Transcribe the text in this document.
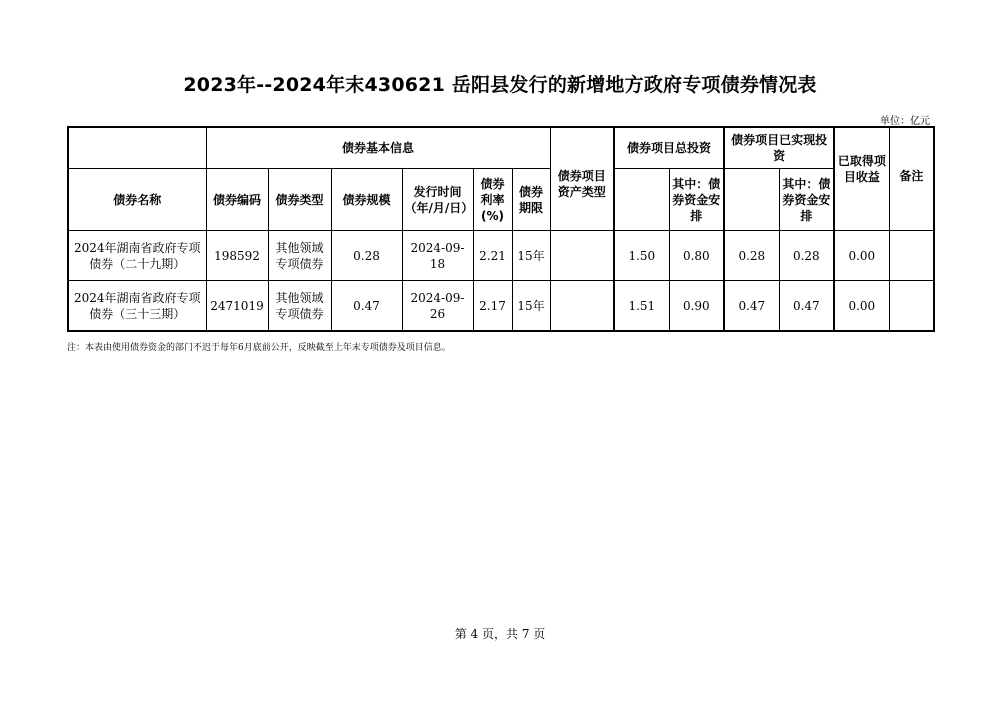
2023年--2024年末430621 岳阳县发行的新增地方政府专项债券情况表
单位：亿元
	债券基本信息						债券项目资产类型	债券项目总投资		债券项目已实现投资		已取得项目收益	备注
债券名称	债券编码	债券类型	债券规模	发行时间（年/月/日）	债券利率(%)	债券期限			其中：债券资金安排		其中：债券资金安排		
2024年湖南省政府专项债券（二十九期）	198592	其他领域专项债券	0.28	2024-09-18	2.21	15年		1.50	0.80	0.28	0.28	0.00	
2024年湖南省政府专项债券（三十三期）	2471019	其他领域专项债券	0.47	2024-09-26	2.17	15年		1.51	0.90	0.47	0.47	0.00	
注：本表由使用债券资金的部门不迟于每年6月底前公开，反映截至上年末专项债券及项目信息。
第 4 页，共 7 页
